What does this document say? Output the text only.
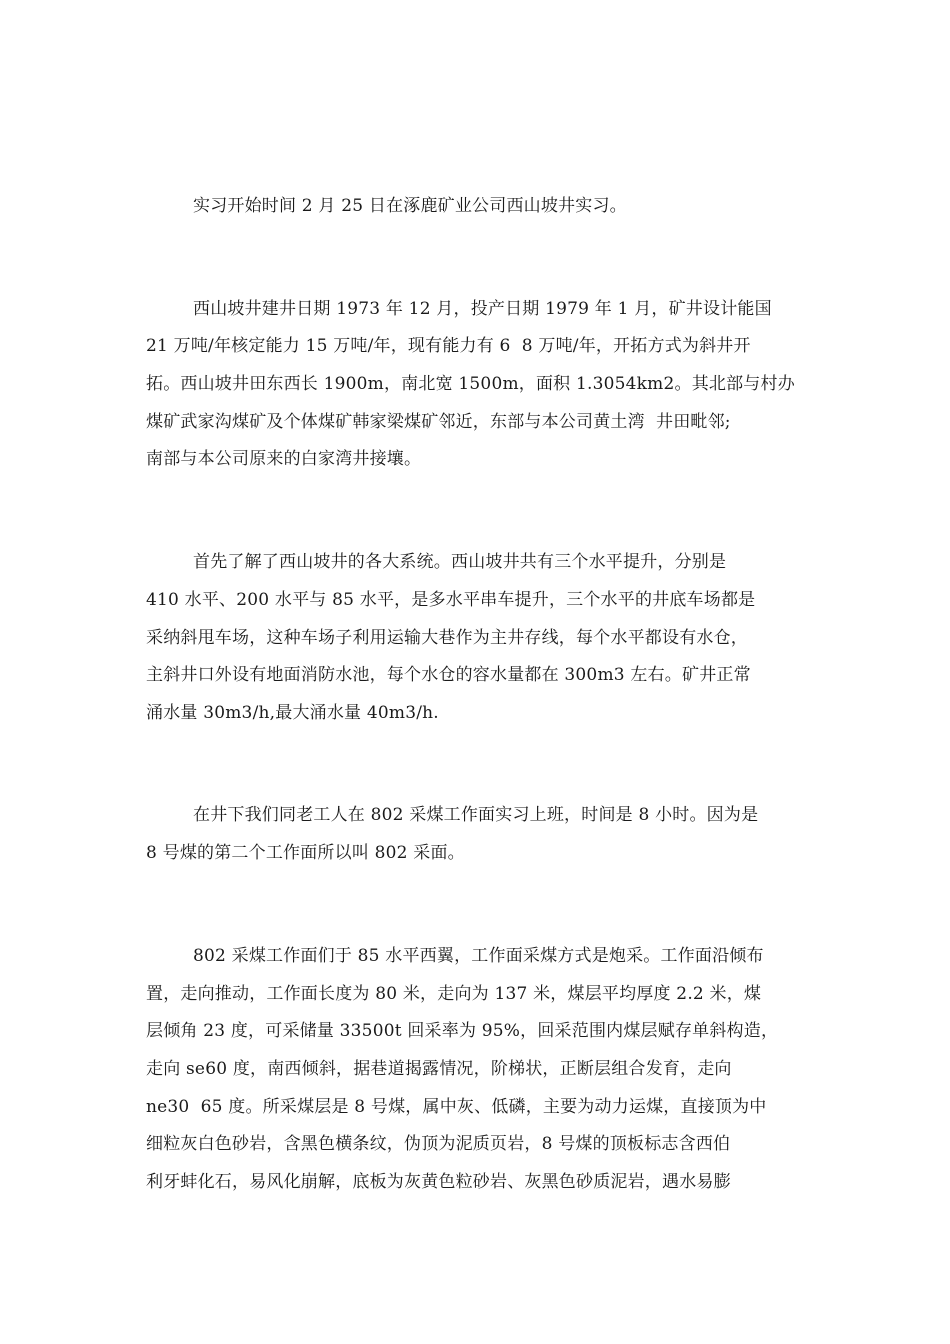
实习开始时间 2 月 25 日在涿鹿矿业公司西山坡井实习。
西山坡井建井日期 1973 年 12 月，投产日期 1979 年 1 月，矿井设计能国
21 万吨/年核定能力 15 万吨/年，现有能力有 6  8 万吨/年，开拓方式为斜井开
拓。西山坡井田东西长 1900m，南北宽 1500m，面积 1.3054km2。其北部与村办
煤矿武家沟煤矿及个体煤矿韩家梁煤矿邻近，东部与本公司黄土湾  井田毗邻;
南部与本公司原来的白家湾井接壤。
首先了解了西山坡井的各大系统。西山坡井共有三个水平提升，分别是
410 水平、200 水平与 85 水平，是多水平串车提升，三个水平的井底车场都是
采纳斜甩车场，这种车场子利用运输大巷作为主井存线，每个水平都设有水仓，
主斜井口外设有地面消防水池，每个水仓的容水量都在 300m3 左右。矿井正常
涌水量 30m3/h,最大涌水量 40m3/h.
在井下我们同老工人在 802 采煤工作面实习上班，时间是 8 小时。因为是
8 号煤的第二个工作面所以叫 802 采面。
802 采煤工作面们于 85 水平西翼，工作面采煤方式是炮采。工作面沿倾布
置，走向推动，工作面长度为 80 米，走向为 137 米，煤层平均厚度 2.2 米，煤
层倾角 23 度，可采储量 33500t 回采率为 95%，回采范围内煤层赋存单斜构造，
走向 se60 度，南西倾斜，据巷道揭露情况，阶梯状，正断层组合发育，走向
ne30  65 度。所采煤层是 8 号煤，属中灰、低磷，主要为动力运煤，直接顶为中
细粒灰白色砂岩，含黑色横条纹，伪顶为泥质页岩，8 号煤的顶板标志含西伯
利牙蚌化石，易风化崩解，底板为灰黄色粒砂岩、灰黑色砂质泥岩，遇水易膨
